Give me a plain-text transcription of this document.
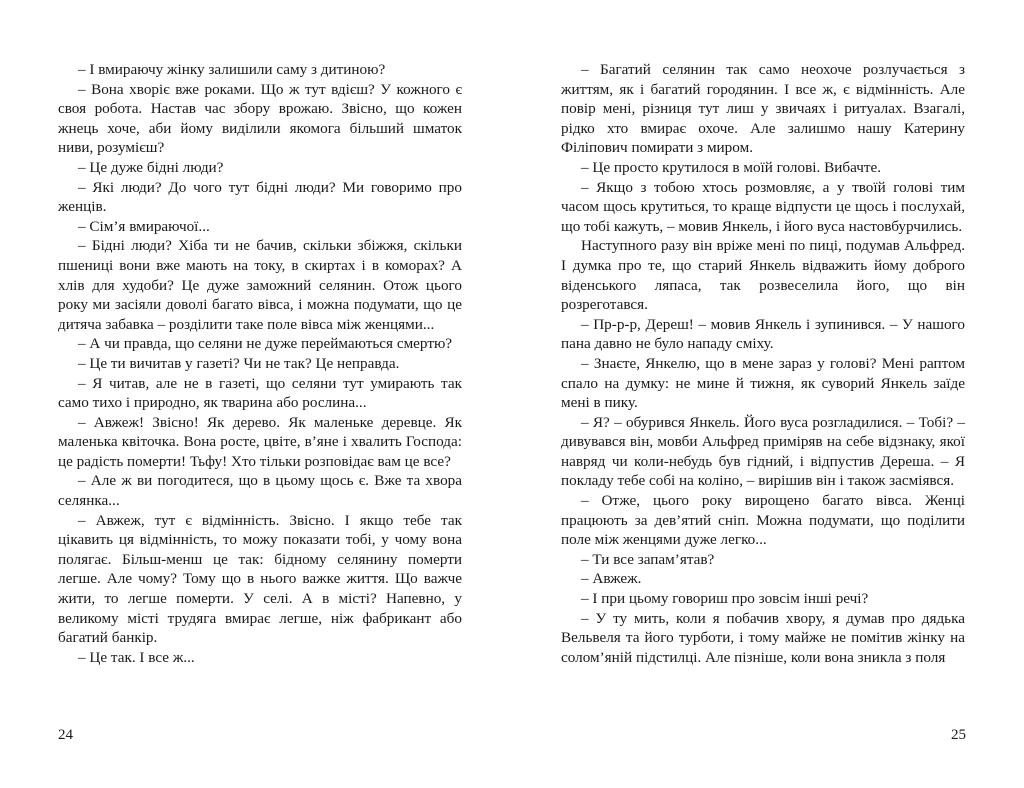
– І вмираючу жінку залишили саму з дитиною?

– Вона хворіє вже роками. Що ж тут вдієш? У кожного є своя робота. Настав час збору врожаю. Звісно, що кожен жнець хоче, аби йому виділили якомога більший шматок ниви, розумієш?

– Це дуже бідні люди?

– Які люди? До чого тут бідні люди? Ми говоримо про женців.

– Сім’я вмираючої...

– Бідні люди? Хіба ти не бачив, скільки збіжжя, скільки пшениці вони вже мають на току, в скиртах і в коморах? А хлів для худоби? Це дуже заможний селянин. Отож цього року ми засіяли доволі багато вівса, і можна подумати, що це дитяча забавка – розділити таке поле вівса між женцями...

– А чи правда, що селяни не дуже переймаються смертю?

– Це ти вичитав у газеті? Чи не так? Це неправда.

– Я читав, але не в газеті, що селяни тут умирають так само тихо і природно, як тварина або рослина...

– Авжеж! Звісно! Як дерево. Як маленьке деревце. Як маленька квіточка. Вона росте, цвіте, в’яне і хвалить Господа: це радість померти! Тьфу! Хто тільки розповідає вам це все?

– Але ж ви погодитеся, що в цьому щось є. Вже та хвора селянка...

– Авжеж, тут є відмінність. Звісно. І якщо тебе так цікавить ця відмінність, то можу показати тобі, у чому вона полягає. Більш-менш це так: бідному селянину померти легше. Але чому? Тому що в нього важке життя. Що важче жити, то легше померти. У селі. А в місті? Напевно, у великому місті трудяга вмирає легше, ніж фабрикант або багатий банкір.

– Це так. І все ж...

24

– Багатий селянин так само неохоче розлучається з життям, як і багатий городянин. І все ж, є відмінність. Але повір мені, різниця тут лиш у звичаях і ритуалах. Взагалі, рідко хто вмирає охоче. Але залишмо нашу Катерину Філіпович помирати з миром.

– Це просто крутилося в моїй голові. Вибачте.

– Якщо з тобою хтось розмовляє, а у твоїй голові тим часом щось крутиться, то краще відпусти це щось і послухай, що тобі кажуть, – мовив Янкель, і його вуса настовбурчились.

Наступного разу він вріже мені по пиці, подумав Альфред. І думка про те, що старий Янкель відважить йому доброго віденського ляпаса, так розвеселила його, що він розреготався.

– Пр-р-р, Дереш! – мовив Янкель і зупинився. – У нашого пана давно не було нападу сміху.

– Знаєте, Янкелю, що в мене зараз у голові? Мені раптом спало на думку: не мине й тижня, як суворий Янкель заїде мені в пику.

– Я? – обурився Янкель. Його вуса розгладилися. – Тобі? – дивувався він, мовби Альфред приміряв на себе відзнаку, якої навряд чи коли-небудь був гідний, і відпустив Дереша. – Я покладу тебе собі на коліно, – вирішив він і також засміявся.

– Отже, цього року вирощено багато вівса. Женці працюють за дев’ятий сніп. Можна подумати, що поділити поле між женцями дуже легко...

– Ти все запам’ятав?

– Авжеж.

– І при цьому говориш про зовсім інші речі?

– У ту мить, коли я побачив хвору, я думав про дядька Вельвеля та його турботи, і тому майже не помітив жінку на солом’яній підстилці. Але пізніше, коли вона зникла з поля

25
